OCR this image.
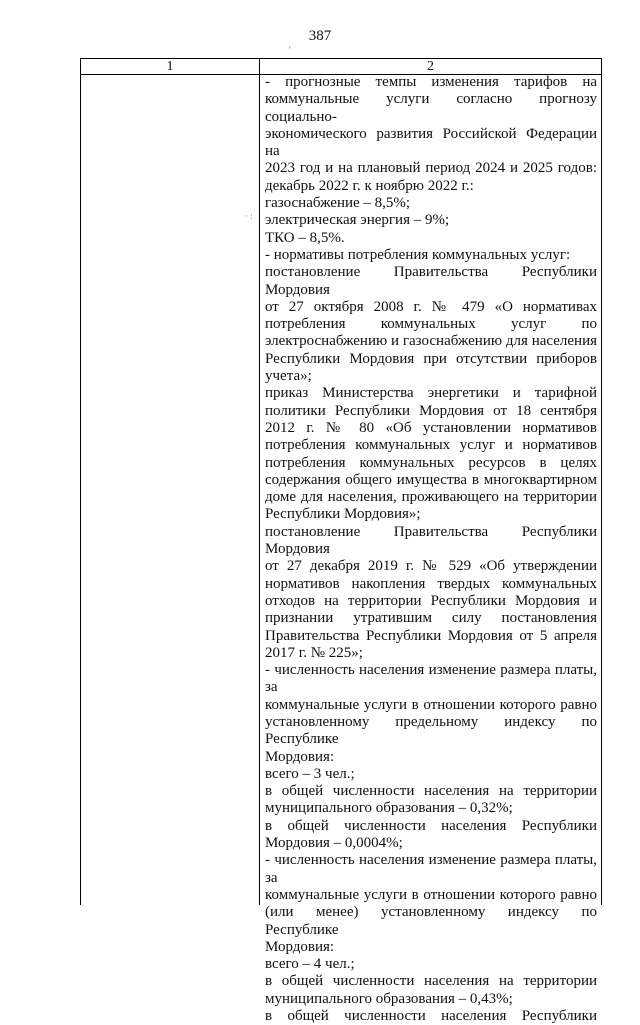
387
'
1	2
· :
- прогнозные темпы изменения тарифов на
коммунальные услуги согласно прогнозу социально-
экономического развития Российской Федерации на
2023 год и на плановый период 2024 и 2025 годов:
декабрь 2022 г. к ноябрю 2022 г.:
газоснабжение – 8,5%;
электрическая энергия – 9%;
ТКО – 8,5%.
- нормативы потребления коммунальных услуг:
постановление Правительства Республики Мордовия
от 27 октября 2008 г. № 479 «О нормативах
потребления коммунальных услуг по
электроснабжению и газоснабжению для населения
Республики Мордовия при отсутствии приборов
учета»;
приказ Министерства энергетики и тарифной
политики Республики Мордовия от 18 сентября
2012 г. № 80 «Об установлении нормативов
потребления коммунальных услуг и нормативов
потребления коммунальных ресурсов в целях
содержания общего имущества в многоквартирном
доме для населения, проживающего на территории
Республики Мордовия»;
постановление Правительства Республики Мордовия
от 27 декабря 2019 г. № 529 «Об утверждении
нормативов накопления твердых коммунальных
отходов на территории Республики Мордовия и
признании утратившим силу постановления
Правительства Республики Мордовия от 5 апреля
2017 г. № 225»;
- численность населения изменение размера платы, за
коммунальные услуги в отношении которого равно
установленному предельному индексу по Республике
Мордовия:
всего – 3 чел.;
в общей численности населения на территории
муниципального образования – 0,32%;
в общей численности населения Республики
Мордовия – 0,0004%;
- численность населения изменение размера платы, за
коммунальные услуги в отношении которого равно
(или менее) установленному индексу по Республике
Мордовия:
всего – 4 чел.;
в общей численности населения на территории
муниципального образования – 0,43%;
в общей численности населения Республики
